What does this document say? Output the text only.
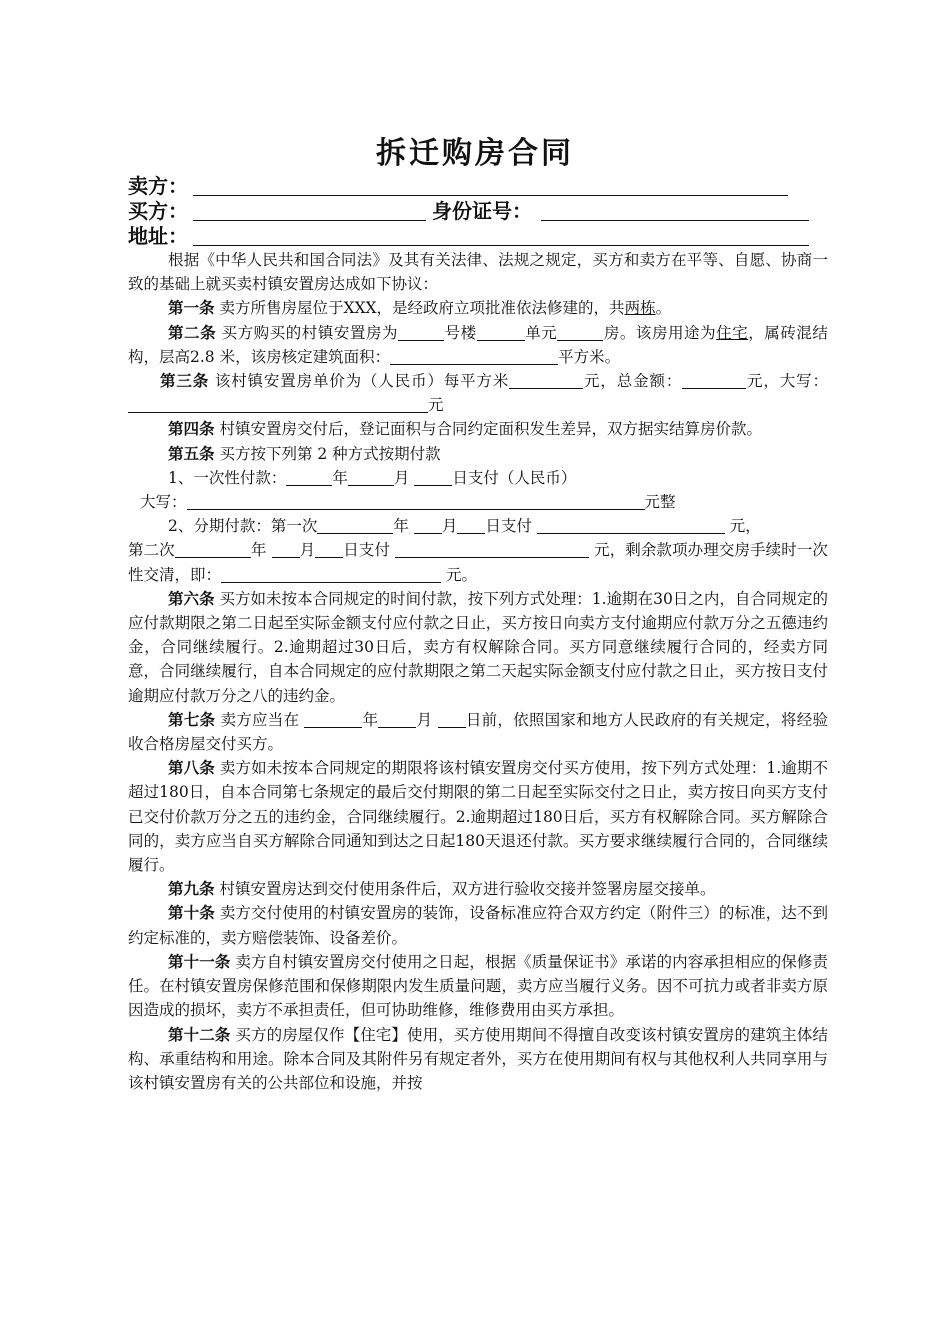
拆迁购房合同
卖方：
买方：	身份证号：
地址：

根据《中华人民共和国合同法》及其有关法律、法规之规定，买方和卖方在平等、自愿、协商一致的基础上就买卖村镇安置房达成如下协议：

第一条 卖方所售房屋位于XXX，是经政府立项批准依法修建的，共两栋。

第二条 买方购买的村镇安置房为	号楼	单元	房。该房用途为住宅，属砖混结构，层高2.8 米，该房核定建筑面积：	平方米。

第三条 该村镇安置房单价为（人民币）每平方米	元，总金额：	元，大写：元

第四条 村镇安置房交付后，登记面积与合同约定面积发生差异，双方据实结算房价款。

第五条 买方按下列第 2 种方式按期付款

1、一次性付款：	年	月	日支付（人民币）

大写：	元整

2、分期付款：第一次	年 月 日支付	元，

第二次	年 月 日支付	元，剩余款项办理交房手续时一次性交清，即：	元。

第六条 买方如未按本合同规定的时间付款，按下列方式处理：1.逾期在30日之内，自合同规定的应付款期限之第二日起至实际金额支付应付款之日止，买方按日向卖方支付逾期应付款万分之五德违约金，合同继续履行。2.逾期超过30日后，卖方有权解除合同。买方同意继续履行合同的，经卖方同意，合同继续履行，自本合同规定的应付款期限之第二天起实际金额支付应付款之日止，买方按日支付逾期应付款万分之八的违约金。

第七条 卖方应当在	年 月 日前，依照国家和地方人民政府的有关规定，将经验收合格房屋交付买方。

第八条 卖方如未按本合同规定的期限将该村镇安置房交付买方使用，按下列方式处理：1.逾期不超过180日，自本合同第七条规定的最后交付期限的第二日起至实际交付之日止，卖方按日向买方支付已交付价款万分之五的违约金，合同继续履行。2.逾期超过180日后，买方有权解除合同。买方解除合同的，卖方应当自买方解除合同通知到达之日起180天退还付款。买方要求继续履行合同的，合同继续履行。

第九条 村镇安置房达到交付使用条件后，双方进行验收交接并签署房屋交接单。

第十条 卖方交付使用的村镇安置房的装饰，设备标准应符合双方约定（附件三）的标准，达不到约定标准的，卖方赔偿装饰、设备差价。

第十一条 卖方自村镇安置房交付使用之日起，根据《质量保证书》承诺的内容承担相应的保修责任。在村镇安置房保修范围和保修期限内发生质量问题，卖方应当履行义务。因不可抗力或者非卖方原因造成的损坏，卖方不承担责任，但可协助维修，维修费用由买方承担。

第十二条 买方的房屋仅作【住宅】使用，买方使用期间不得擅自改变该村镇安置房的建筑主体结构、承重结构和用途。除本合同及其附件另有规定者外，买方在使用期间有权与其他权利人共同享用与该村镇安置房有关的公共部位和设施，并按
